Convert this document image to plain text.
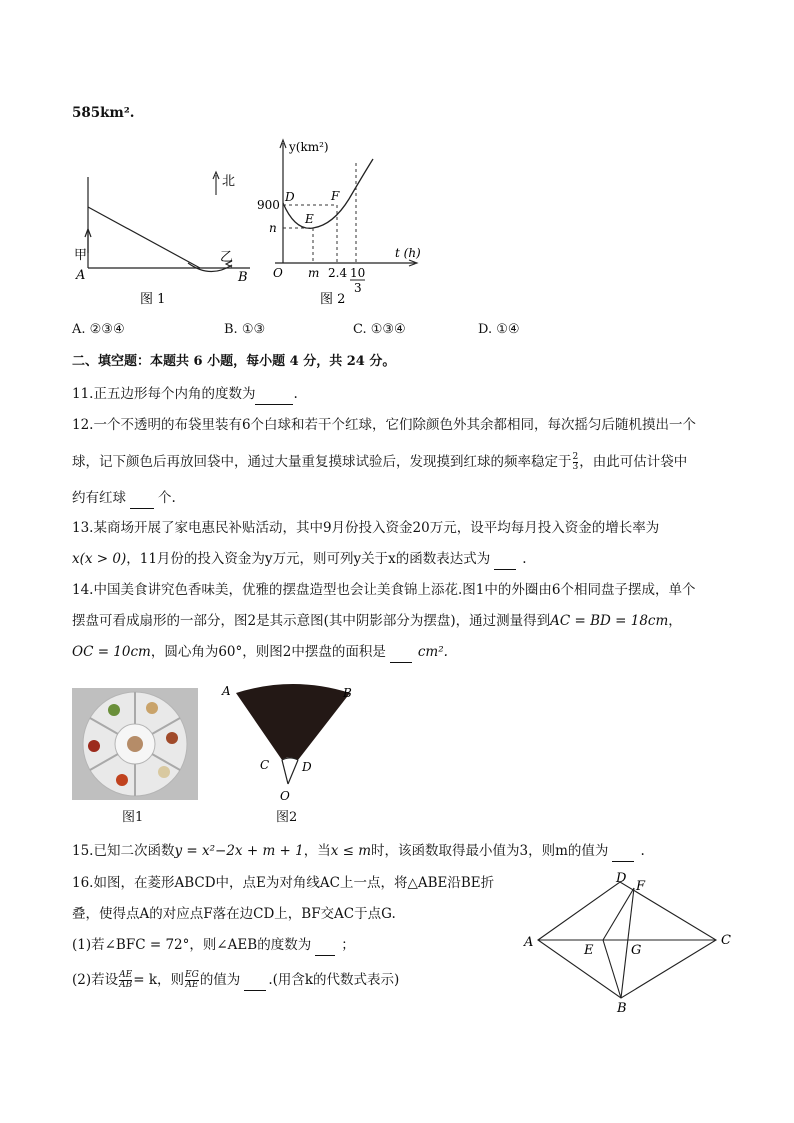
585km².
北
甲
A
乙
B
图 1
y(km²)
t (h)
900
n
O m 2.4 10
3
D
E
F
图 2
A. ②③④	B. ①③	C. ①③④	D. ①④
二、填空题：本题共 6 小题，每小题 4 分，共 24 分。
11.正五边形每个内角的度数为	.
12.一个不透明的布袋里装有6个白球和若干个红球，它们除颜色外其余都相同，每次摇匀后随机摸出一个
球，记下颜色后再放回袋中，通过大量重复摸球试验后，发现摸到红球的频率稳定于 $\frac{2}{3}$ ，由此可估计袋中
约有红球 个.
13.某商场开展了家电惠民补贴活动，其中9月份投入资金20万元，设平均每月投入资金的增长率为
x(x > 0)，11月份的投入资金为y万元，则可列y关于x的函数表达式为 .
14.中国美食讲究色香味美，优雅的摆盘造型也会让美食锦上添花.图1中的外圈由6个相同盘子摆成，单个
摆盘可看成扇形的一部分，图2是其示意图(其中阴影部分为摆盘)，通过测量得到AC = BD = 18cm，
OC = 10cm，圆心角为60°，则图2中摆盘的面积是 cm².
图1
A	B
C	D
O
图2
15.已知二次函数y = x²−2x + m + 1，当x ≤ m时，该函数取得最小值为3，则m的值为 .
16.如图，在菱形ABCD中，点E为对角线AC上一点，将△ABE沿BE折
叠，使得点A的对应点F落在边CD上，BF交AC于点G.
(1)若∠BFC = 72°，则∠AEB的度数为 ；
(2)若设 $\frac{AE}{AB} = k$，则 $\frac{EG}{AE}$ 的值为 .(用含k的代数式表示)
A
B
C
D
E
F
G
